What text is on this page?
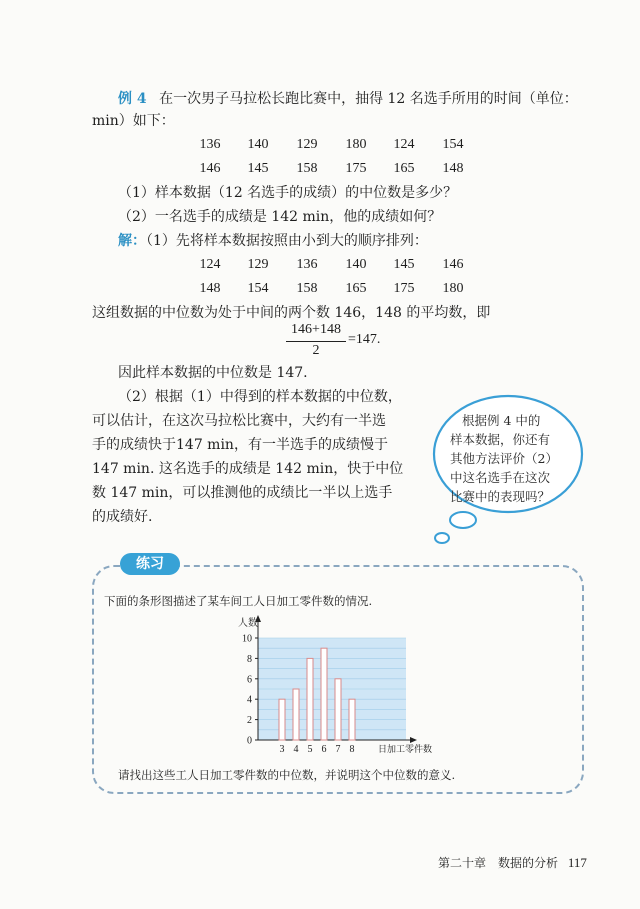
例 4 在一次男子马拉松长跑比赛中，抽得 12 名选手所用的时间（单位：
min）如下：
136	140	129	180	124	154
146	145	158	175	165	148
（1）样本数据（12 名选手的成绩）的中位数是多少？
（2）一名选手的成绩是 142 min，他的成绩如何？
解：（1）先将样本数据按照由小到大的顺序排列：
124	129	136	140	145	146
148	154	158	165	175	180
这组数据的中位数为处于中间的两个数 146，148 的平均数，即
146+148
2
=147.
因此样本数据的中位数是 147.
（2）根据（1）中得到的样本数据的中位数，
可以估计，在这次马拉松比赛中，大约有一半选
手的成绩快于147 min，有一半选手的成绩慢于
147 min. 这名选手的成绩是 142 min，快于中位
数 147 min，可以推测他的成绩比一半以上选手
的成绩好.
根据例 4 中的
样本数据，你还有
其他方法评价（2）
中这名选手在这次
比赛中的表现吗？
练习
下面的条形图描述了某车间工人日加工零件数的情况.
0
2
4
6
8
10
3 4 5 6 7 8
人数
日加工零件数
请找出这些工人日加工零件数的中位数，并说明这个中位数的意义.
第二十章　数据的分析 117
